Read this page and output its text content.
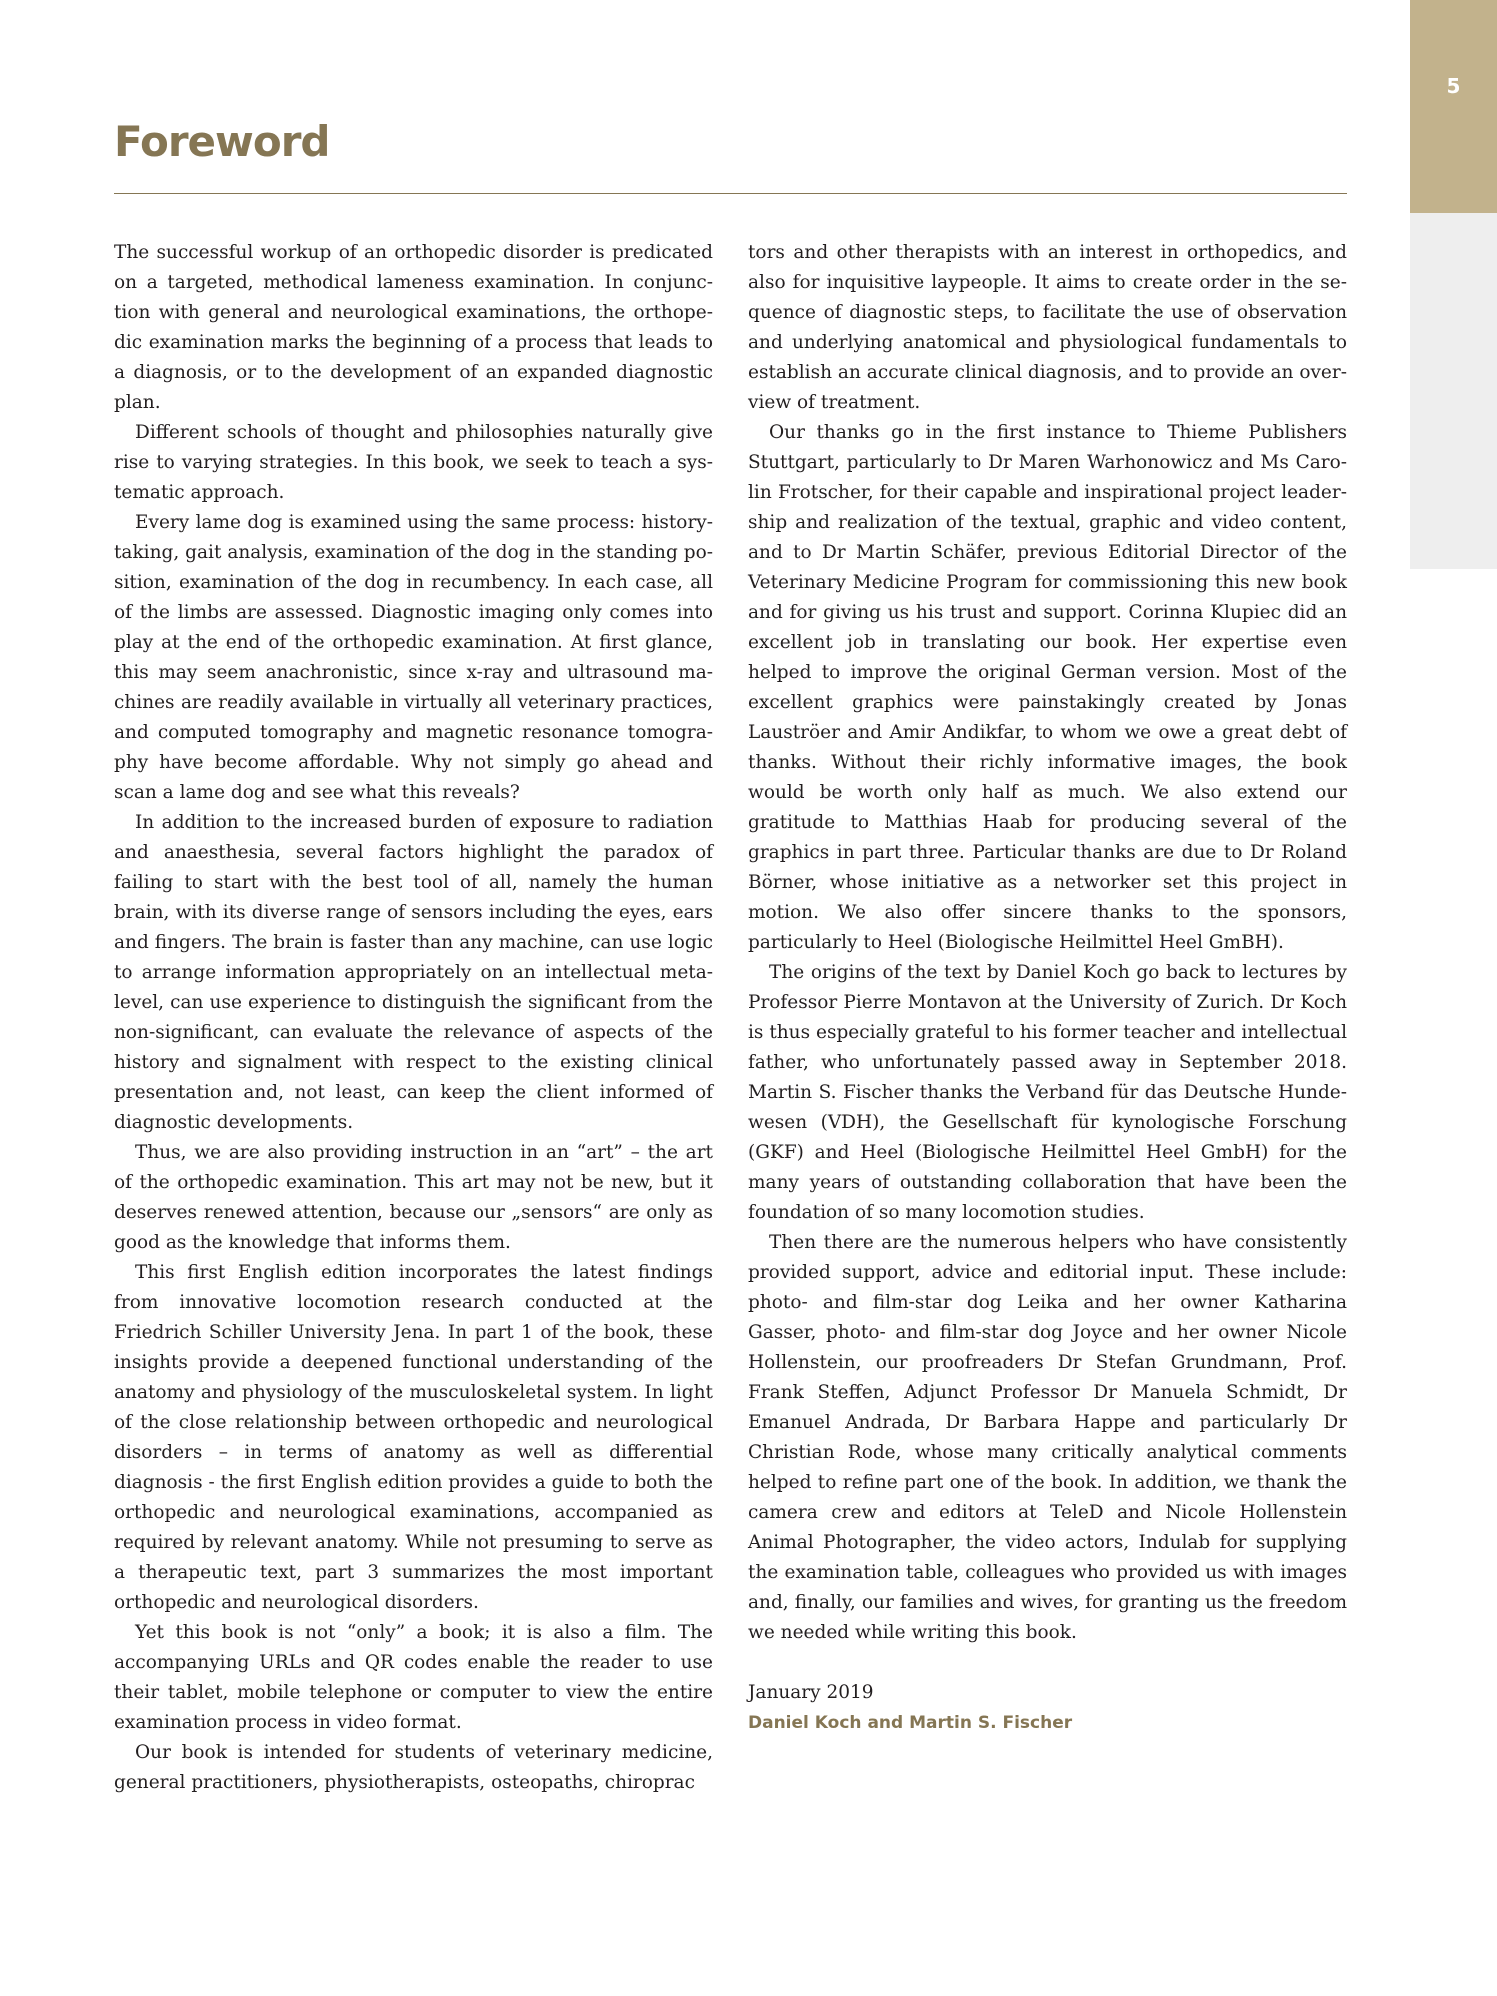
5
Foreword

The successful workup of an orthopedic disorder is predicated on a targeted, methodical lameness examination. In conjunction with general and neurological examinations, the orthopedic examination marks the beginning of a process that leads to a diagnosis, or to the development of an expanded diagnostic plan.

Different schools of thought and philosophies naturally give rise to varying strategies. In this book, we seek to teach a systematic approach.

Every lame dog is examined using the same process: history-taking, gait analysis, examination of the dog in the standing position, examination of the dog in recumbency. In each case, all of the limbs are assessed. Diagnostic imaging only comes into play at the end of the orthopedic examination. At first glance, this may seem anachronistic, since x-ray and ultrasound machines are readily available in virtually all veterinary practices, and computed tomography and magnetic resonance tomography have become affordable. Why not simply go ahead and scan a lame dog and see what this reveals?

In addition to the increased burden of exposure to radiation and anaesthesia, several factors highlight the paradox of failing to start with the best tool of all, namely the human brain, with its diverse range of sensors including the eyes, ears and fingers. The brain is faster than any machine, can use logic to arrange information appropriately on an intellectual meta-level, can use experience to distinguish the significant from the non-significant, can evaluate the relevance of aspects of the history and signalment with respect to the existing clinical presentation and, not least, can keep the client informed of diagnostic developments.

Thus, we are also providing instruction in an “art” – the art of the orthopedic examination. This art may not be new, but it deserves renewed attention, because our „sensors“ are only as good as the knowledge that informs them.

This first English edition incorporates the latest findings from innovative locomotion research conducted at the Friedrich Schiller University Jena. In part 1 of the book, these insights provide a deepened functional understanding of the anatomy and physiology of the musculoskeletal system. In light of the close relationship between orthopedic and neurological disorders – in terms of anatomy as well as differential diagnosis - the first English edition provides a guide to both the orthopedic and neurological examinations, accompanied as required by relevant anatomy. While not presuming to serve as a therapeutic text, part 3 summarizes the most important orthopedic and neurological disorders.

Yet this book is not “only” a book; it is also a film. The accompanying URLs and QR codes enable the reader to use their tablet, mobile telephone or computer to view the entire examination process in video format.

Our book is intended for students of veterinary medicine, general practitioners, physiotherapists, osteopaths, chiroprac

tors and other therapists with an interest in orthopedics, and also for inquisitive laypeople. It aims to create order in the sequence of diagnostic steps, to facilitate the use of observation and underlying anatomical and physiological fundamentals to establish an accurate clinical diagnosis, and to provide an overview of treatment.

Our thanks go in the first instance to Thieme Publishers Stuttgart, particularly to Dr Maren Warhonowicz and Ms Carolin Frotscher, for their capable and inspirational project leadership and realization of the textual, graphic and video content, and to Dr Martin Schäfer, previous Editorial Director of the Veterinary Medicine Program for commissioning this new book and for giving us his trust and support. Corinna Klupiec did an excellent job in translating our book. Her expertise even helped to improve the original German version. Most of the excellent graphics were painstakingly created by Jonas Lauströer and Amir Andikfar, to whom we owe a great debt of thanks. Without their richly informative images, the book would be worth only half as much. We also extend our gratitude to Matthias Haab for producing several of the graphics in part three. Particular thanks are due to Dr Roland Börner, whose initiative as a networker set this project in motion. We also offer sincere thanks to the sponsors, particularly to Heel (Biologische Heilmittel Heel GmBH).

The origins of the text by Daniel Koch go back to lectures by Professor Pierre Montavon at the University of Zurich. Dr Koch is thus especially grateful to his former teacher and intellectual father, who unfortunately passed away in September 2018. Martin S. Fischer thanks the Verband für das Deutsche Hundewesen (VDH), the Gesellschaft für kynologische Forschung (GKF) and Heel (Biologische Heilmittel Heel GmbH) for the many years of outstanding collaboration that have been the foundation of so many locomotion studies.

Then there are the numerous helpers who have consistently provided support, advice and editorial input. These include: photo- and film-star dog Leika and her owner Katharina Gasser, photo- and film-star dog Joyce and her owner Nicole Hollenstein, our proofreaders Dr Stefan Grundmann, Prof. Frank Steffen, Adjunct Professor Dr Manuela Schmidt, Dr Emanuel Andrada, Dr Barbara Happe and particularly Dr Christian Rode, whose many critically analytical comments helped to refine part one of the book. In addition, we thank the camera crew and editors at TeleD and Nicole Hollenstein Animal Photographer, the video actors, Indulab for supplying the examination table, colleagues who provided us with images and, finally, our families and wives, for granting us the freedom we needed while writing this book.

January 2019
Daniel Koch and Martin S. Fischer
